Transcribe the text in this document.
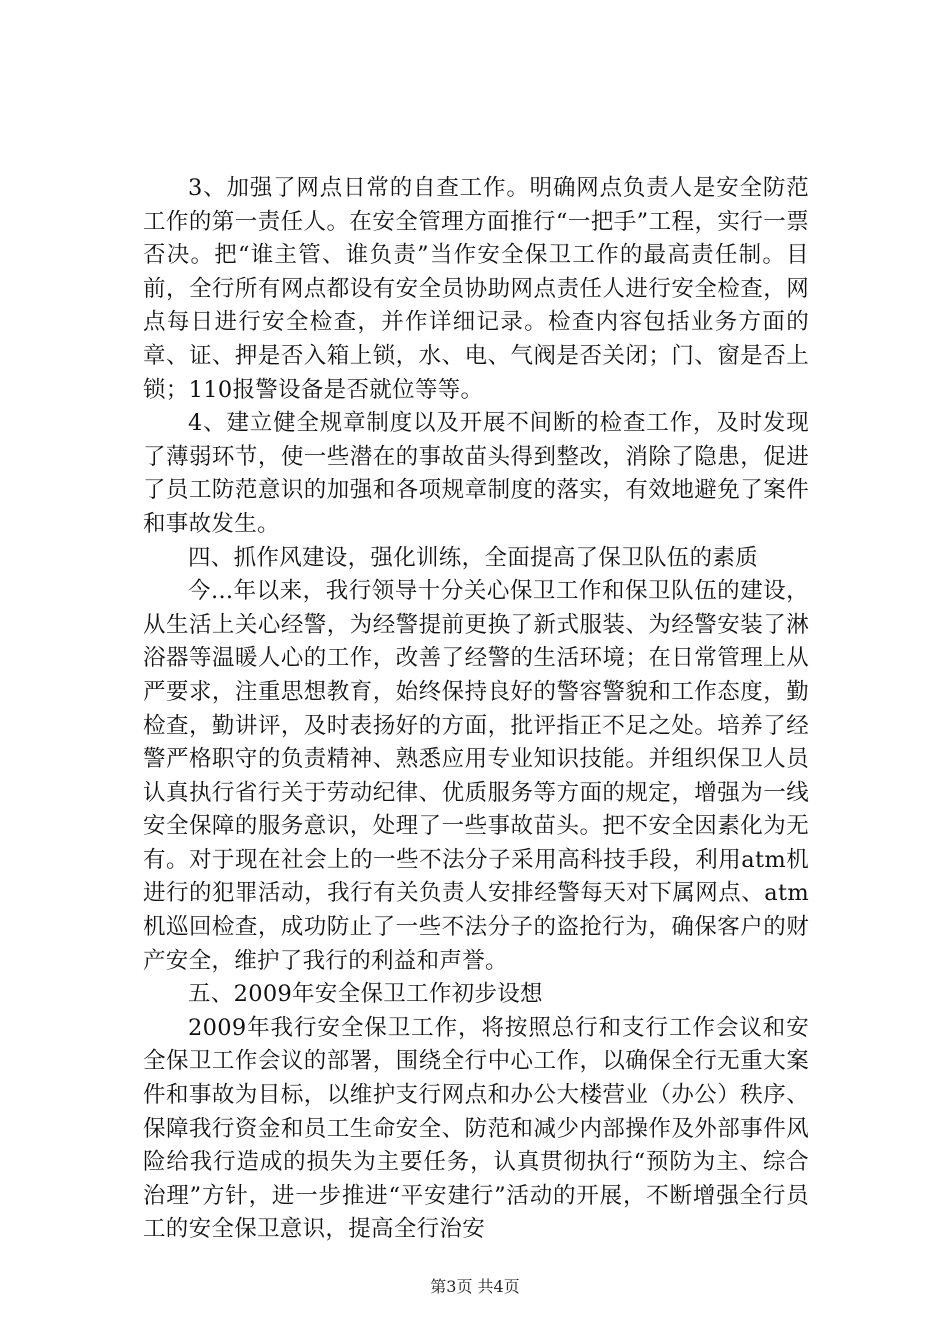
3、加强了网点日常的自查工作。明确网点负责人是安全防范工作的第一责任人。在安全管理方面推行“一把手”工程，实行一票否决。把“谁主管、谁负责”当作安全保卫工作的最高责任制。目前，全行所有网点都设有安全员协助网点责任人进行安全检查，网点每日进行安全检查，并作详细记录。检查内容包括业务方面的章、证、押是否入箱上锁，水、电、气阀是否关闭；门、窗是否上锁；110报警设备是否就位等等。

4、建立健全规章制度以及开展不间断的检查工作，及时发现了薄弱环节，使一些潜在的事故苗头得到整改，消除了隐患，促进了员工防范意识的加强和各项规章制度的落实，有效地避免了案件和事故发生。

四、抓作风建设，强化训练，全面提高了保卫队伍的素质

今...年以来，我行领导十分关心保卫工作和保卫队伍的建设，从生活上关心经警，为经警提前更换了新式服装、为经警安装了淋浴器等温暖人心的工作，改善了经警的生活环境；在日常管理上从严要求，注重思想教育，始终保持良好的警容警貌和工作态度，勤检查，勤讲评，及时表扬好的方面，批评指正不足之处。培养了经警严格职守的负责精神、熟悉应用专业知识技能。并组织保卫人员认真执行省行关于劳动纪律、优质服务等方面的规定，增强为一线安全保障的服务意识，处理了一些事故苗头。把不安全因素化为无有。对于现在社会上的一些不法分子采用高科技手段，利用atm机进行的犯罪活动，我行有关负责人安排经警每天对下属网点、atm机巡回检查，成功防止了一些不法分子的盗抢行为，确保客户的财产安全，维护了我行的利益和声誉。

五、2009年安全保卫工作初步设想

2009年我行安全保卫工作，将按照总行和支行工作会议和安全保卫工作会议的部署，围绕全行中心工作，以确保全行无重大案件和事故为目标，以维护支行网点和办公大楼营业（办公）秩序、保障我行资金和员工生命安全、防范和减少内部操作及外部事件风险给我行造成的损失为主要任务，认真贯彻执行“预防为主、综合治理”方针，进一步推进“平安建行”活动的开展，不断增强全行员工的安全保卫意识，提高全行治安

第3页 共4页
